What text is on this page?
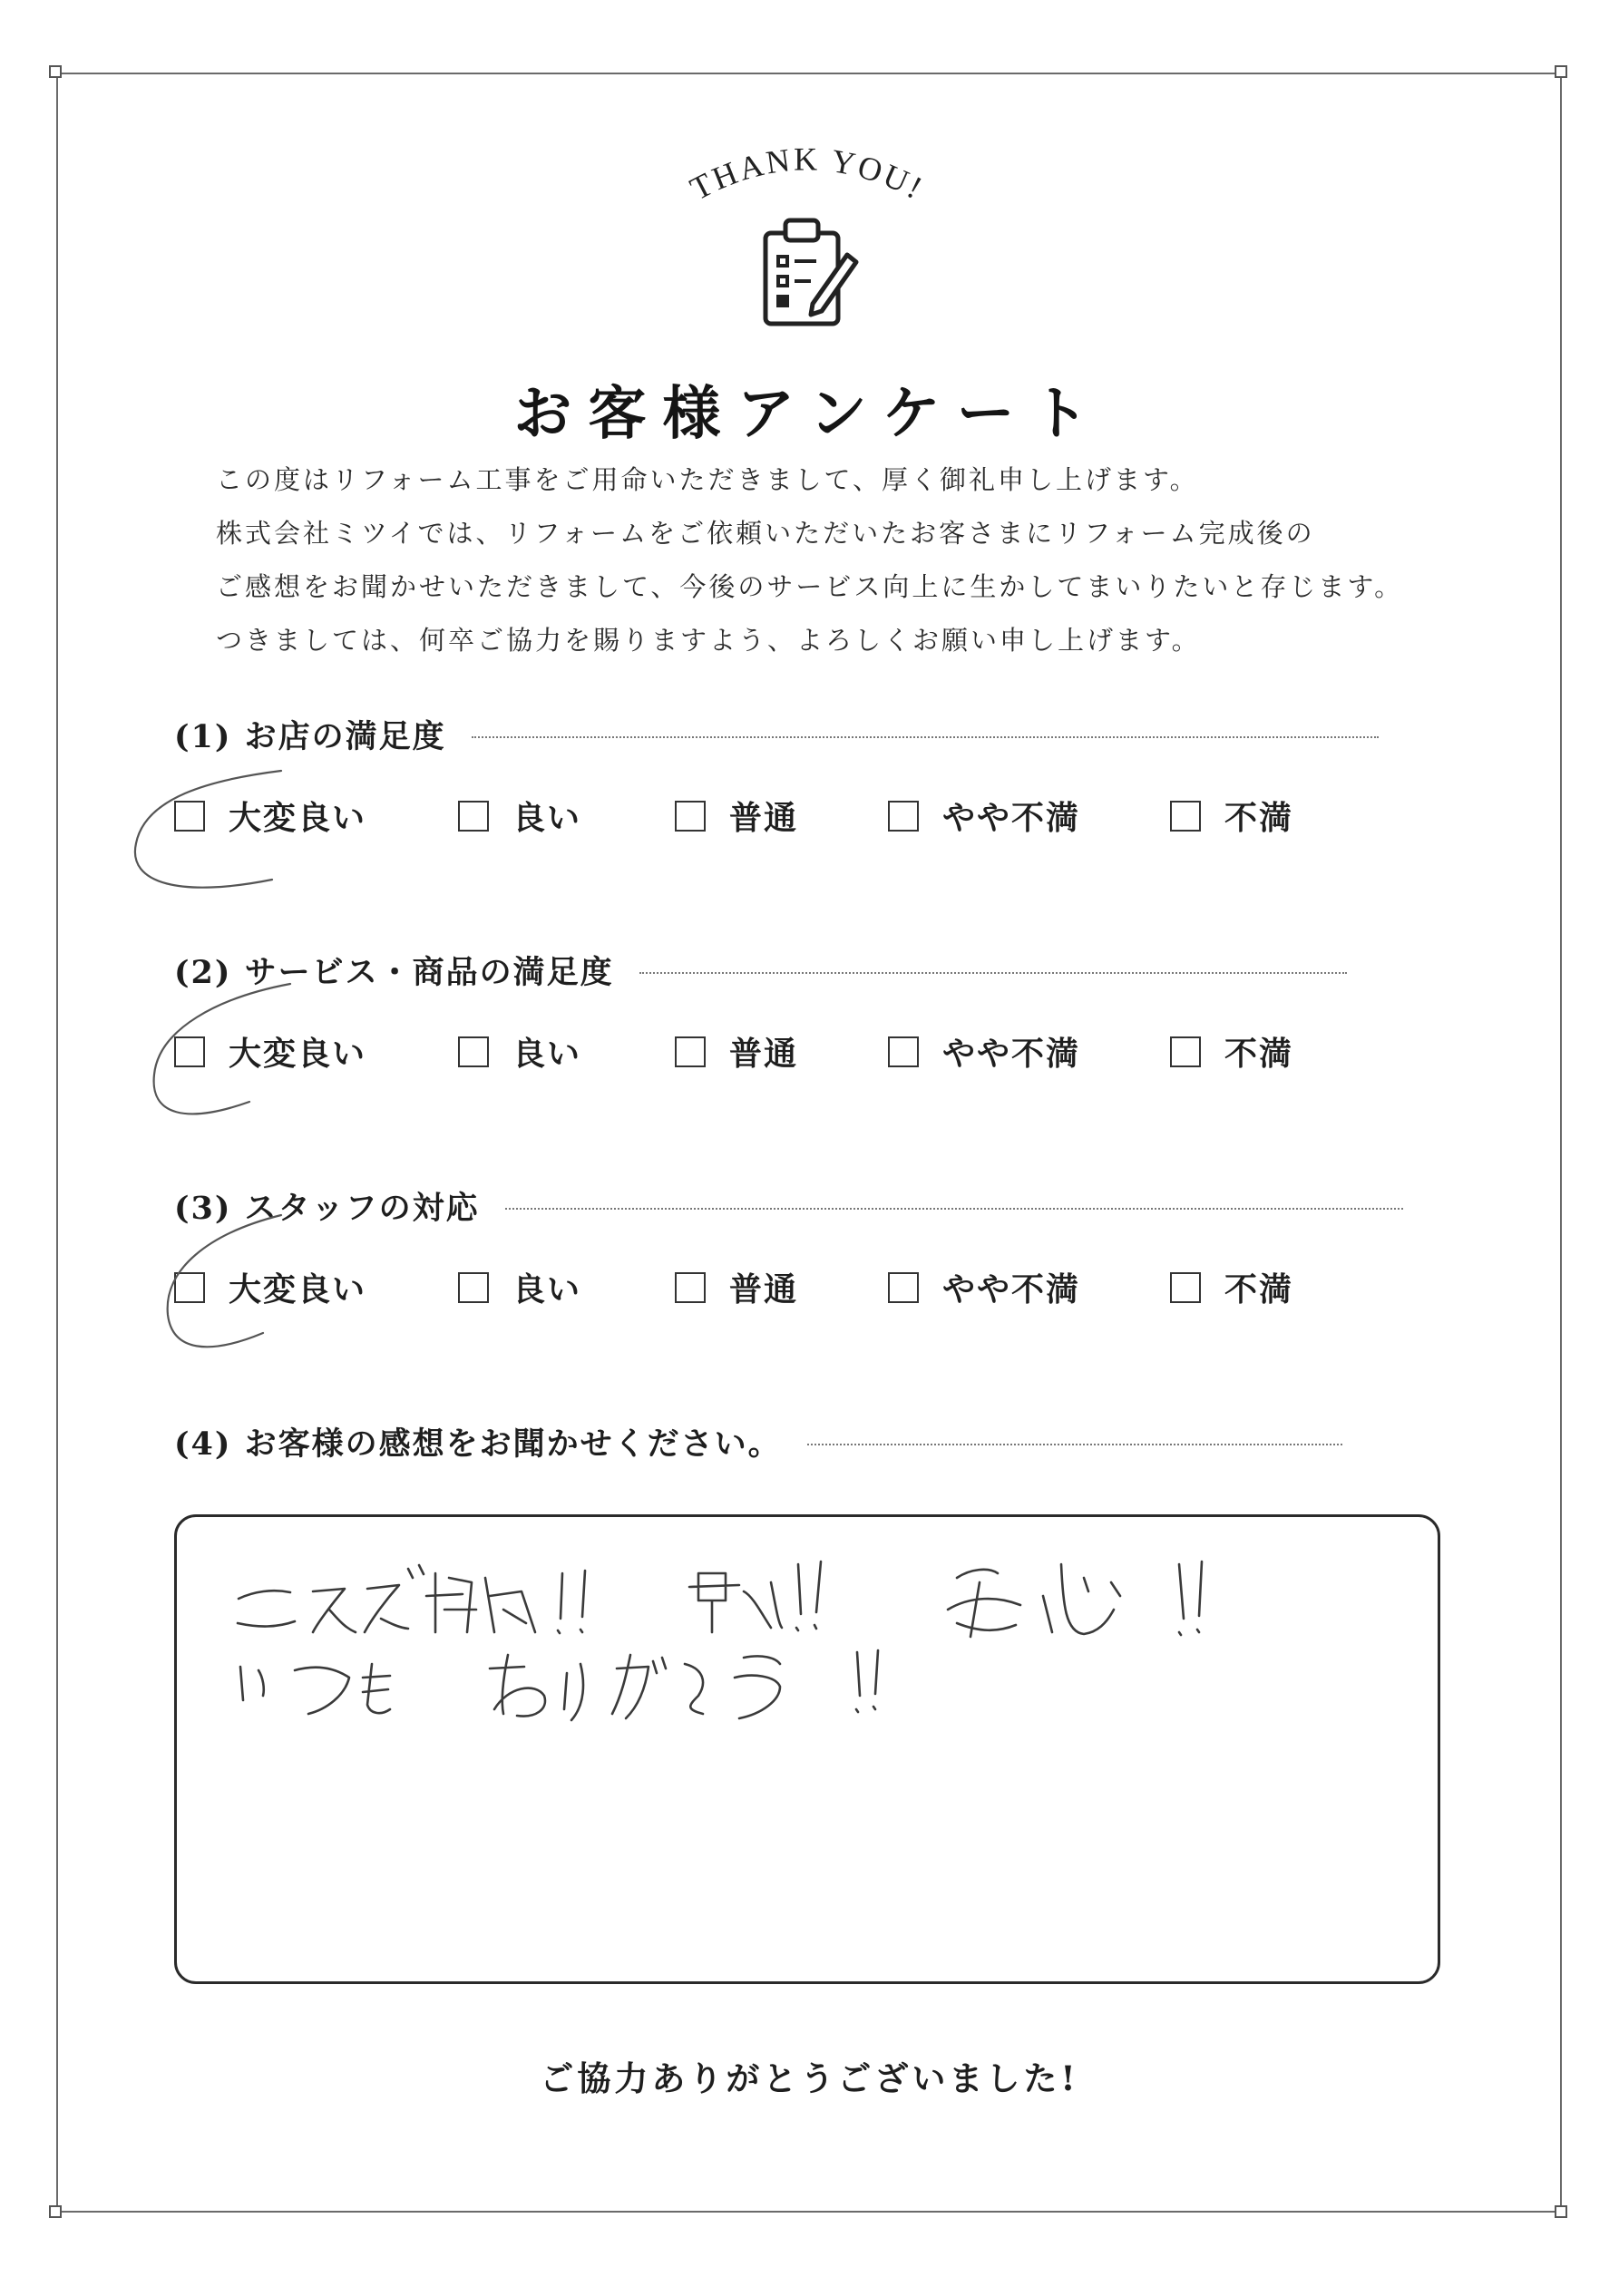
THANK YOU!
お客様アンケート
この度はリフォーム工事をご用命いただきまして、厚く御礼申し上げます。
株式会社ミツイでは、リフォームをご依頼いただいたお客さまにリフォーム完成後の
ご感想をお聞かせいただきまして、今後のサービス向上に生かしてまいりたいと存じます。
つきましては、何卒ご協力を賜りますよう、よろしくお願い申し上げます。
(1) お店の満足度
大変良い	良い	普通	やや不満	不満
(2) サービス・商品の満足度
大変良い	良い	普通	やや不満	不満
(3) スタッフの対応
大変良い	良い	普通	やや不満	不満
(4) お客様の感想をお聞かせください。
ご協力ありがとうございました!
